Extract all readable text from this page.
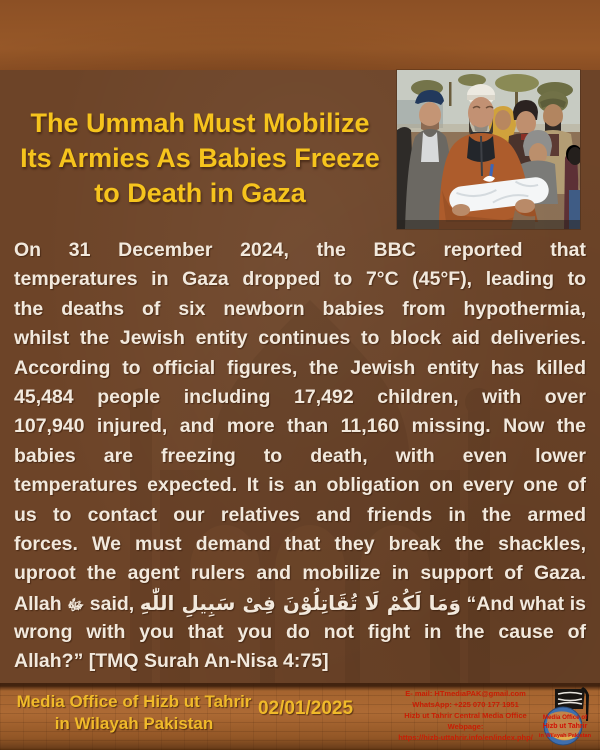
The Ummah Must Mobilize
Its Armies As Babies Freeze
to Death in Gaza
On 31 December 2024, the BBC reported that
temperatures in Gaza dropped to 7°C (45°F), leading to
the deaths of six newborn babies from hypothermia,
whilst the Jewish entity continues to block aid deliveries.
According to official figures, the Jewish entity has killed
45,484 people including 17,492 children, with over
107,940 injured, and more than 11,160 missing. Now the
babies are freezing to death, with even lower
temperatures expected. It is an obligation on every one of
us to contact our relatives and friends in the armed
forces. We must demand that they break the shackles,
uproot the agent rulers and mobilize in support of Gaza.
Allah ﷻ said, وَمَا لَكُمْ لَا تُقَاتِلُوْنَ فِىْ سَبِيلِ اللّٰهِ “And what is
wrong with you that you do not fight in the cause of
Allah?” [TMQ Surah An-Nisa 4:75]
Media Office of Hizb ut Tahrir
in Wilayah Pakistan
02/01/2025
E- mail: HTmediaPAK@gmail.com
WhatsApp: +225 070 177 1951
Hizb ut Tahrir Central Media Office Webpage:
https://hizb-uttahrir.info/en/index.php/
Media Office of
Hizb ut Tahrir
in Wilayah Pakistan
